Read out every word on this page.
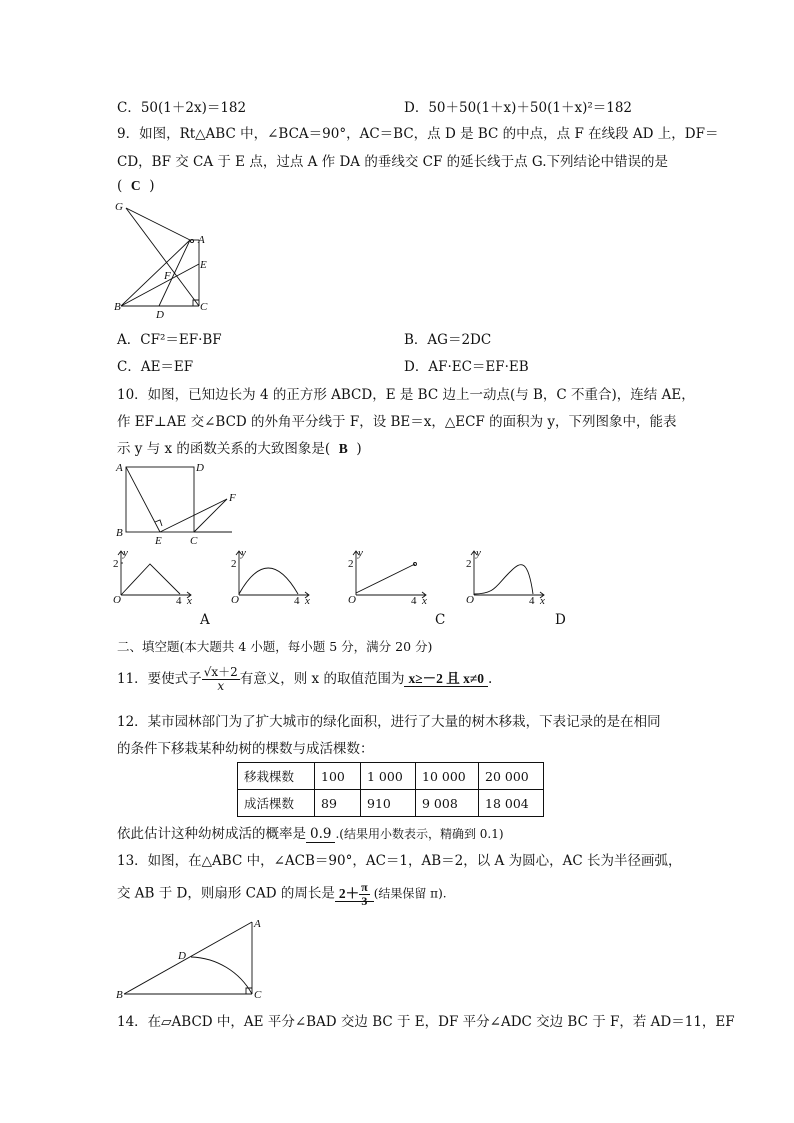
C．50(1＋2x)＝182	D．50＋50(1＋x)＋50(1＋x)²＝182
9．如图，Rt△ABC 中，∠BCA＝90°，AC＝BC，点 D 是 BC 的中点，点 F 在线段 AD 上，DF＝
CD，BF 交 CA 于 E 点，过点 A 作 DA 的垂线交 CF 的延长线于点 G.下列结论中错误的是
( C )
G
A
E
F
B
D
C
A．CF²＝EF·BF	B．AG＝2DC
C．AE＝EF	D．AF·EC＝EF·EB
10．如图，已知边长为 4 的正方形 ABCD，E 是 BC 边上一动点(与 B，C 不重合)，连结 AE，
作 EF⊥AE 交∠BCD 的外角平分线于 F，设 BE＝x，△ECF 的面积为 y，下列图象中，能表
示 y 与 x 的函数关系的大致图象是( B )
A	D
B
E	C
F
y
2
O	4 x
y
2
O	4 x
y
2
O	4 x
y
2
O	4 x
A	C	D
二、填空题(本大题共 4 小题，每小题 5 分，满分 20 分)
11．要使式子 $\frac{√x+2}{x}$ 有意义，则 x 的取值范围为 x≥－2 且 x≠0 .
12．某市园林部门为了扩大城市的绿化面积，进行了大量的树木移栽，下表记录的是在相同
的条件下移栽某种幼树的棵数与成活棵数：
移栽棵数	100	1 000	10 000	20 000
成活棵数	89	910	9 008	18 004
依此估计这种幼树成活的概率是 0.9 .(结果用小数表示，精确到 0.1)
13．如图，在△ABC 中，∠ACB＝90°，AC＝1，AB＝2，以 A 为圆心，AC 长为半径画弧，
交 AB 于 D，则扇形 CAD 的周长是 $2+ \frac{\pi}{3}$ (结果保留 π).
A
D
B	C
14．在▱ABCD 中，AE 平分∠BAD 交边 BC 于 E，DF 平分∠ADC 交边 BC 于 F，若 AD＝11，EF
